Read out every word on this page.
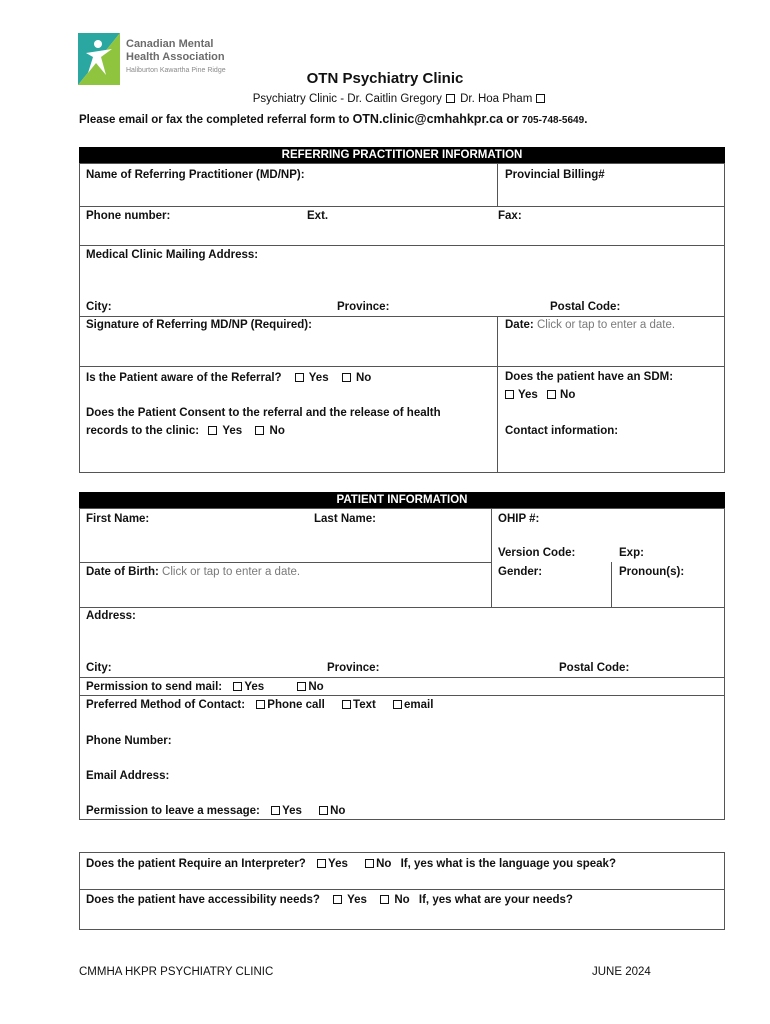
Canadian Mental
Health Association
Haliburton Kawartha Pine Ridge	OTN Psychiatry Clinic
Psychiatry Clinic - Dr. Caitlin Gregory Dr. Hoa Pham
Please email or fax the completed referral form to OTN.clinic@cmhahkpr.ca or 705-748-5649.
REFERRING PRACTITIONER INFORMATION
Name of Referring Practitioner (MD/NP):	Provincial Billing#
Phone number:	Ext.	Fax:
Medical Clinic Mailing Address:
City:	Province:	Postal Code:
Signature of Referring MD/NP (Required):	Date: Click or tap to enter a date.
Is the Patient aware of the Referral? Yes No	Does the patient have an SDM:
Yes No
Does the Patient Consent to the referral and the release of health
records to the clinic: Yes No	Contact information:
PATIENT INFORMATION
First Name:	Last Name:	OHIP #:
Version Code:	Exp:
Date of Birth: Click or tap to enter a date.	Gender:	Pronoun(s):
Address:
City:	Province:	Postal Code:
Permission to send mail: Yes	No
Preferred Method of Contact: Phone call Text email
Phone Number:
Email Address:
Permission to leave a message: Yes No
Does the patient Require an Interpreter? Yes No If, yes what is the language you speak?
Does the patient have accessibility needs? Yes No If, yes what are your needs?
CMMHA HKPR PSYCHIATRY CLINIC	JUNE 2024
